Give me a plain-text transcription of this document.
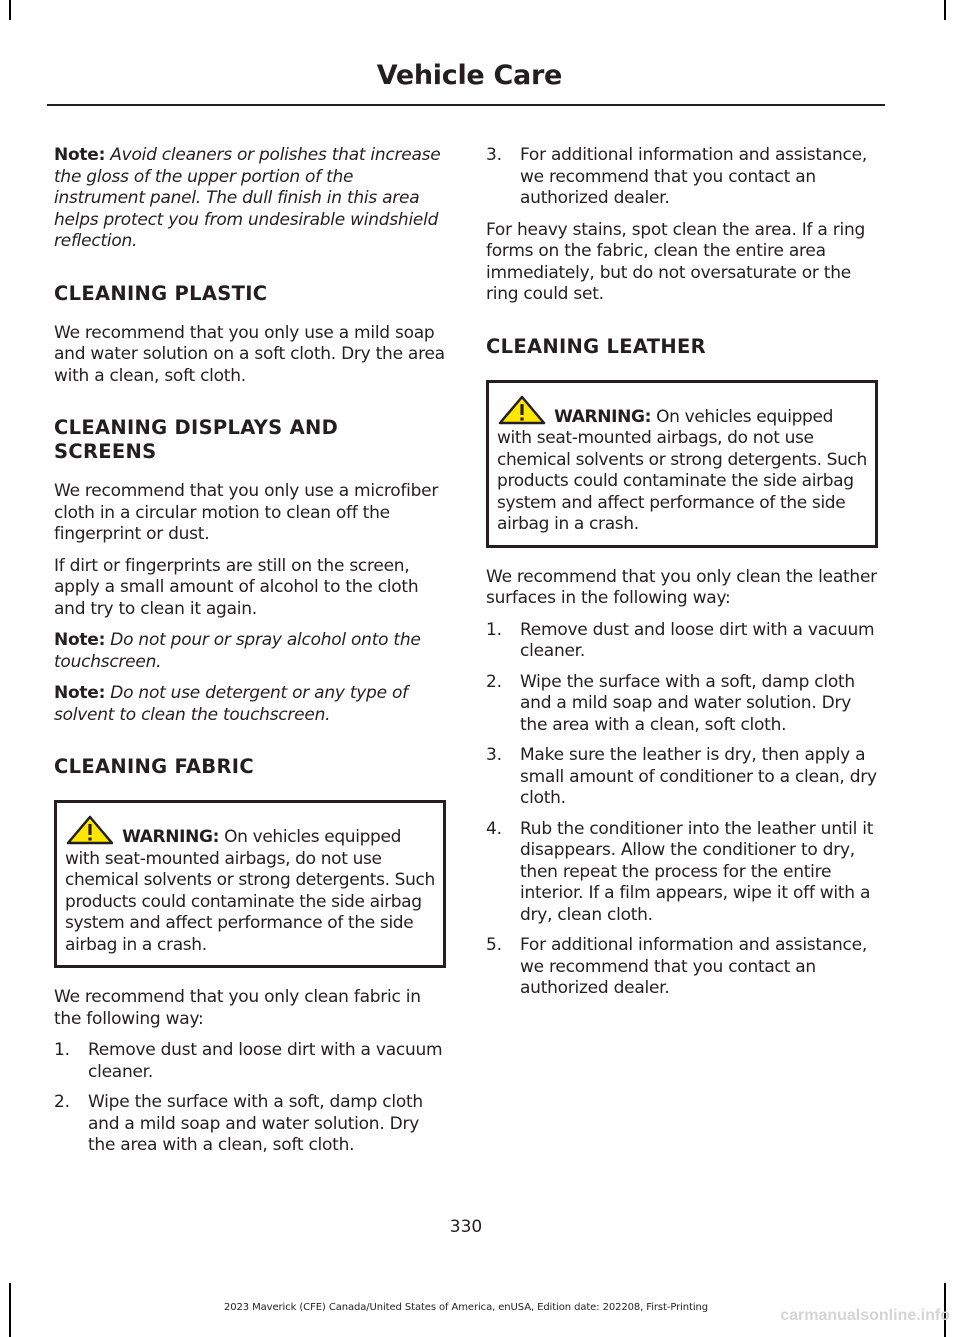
Vehicle Care

Note: Avoid cleaners or polishes that increase the gloss of the upper portion of the instrument panel. The dull finish in this area helps protect you from undesirable windshield reflection.

CLEANING PLASTIC

We recommend that you only use a mild soap and water solution on a soft cloth. Dry the area with a clean, soft cloth.

CLEANING DISPLAYS AND SCREENS

We recommend that you only use a microfiber cloth in a circular motion to clean off the fingerprint or dust.

If dirt or fingerprints are still on the screen, apply a small amount of alcohol to the cloth and try to clean it again.

Note: Do not pour or spray alcohol onto the touchscreen.

Note: Do not use detergent or any type of solvent to clean the touchscreen.

CLEANING FABRIC
WARNING: On vehicles equipped with seat-mounted airbags, do not use chemical solvents or strong detergents. Such products could contaminate the side airbag system and affect performance of the side airbag in a crash.

We recommend that you only clean fabric in the following way:

1. Remove dust and loose dirt with a vacuum cleaner.
2. Wipe the surface with a soft, damp cloth and a mild soap and water solution. Dry the area with a clean, soft cloth.
3. For additional information and assistance, we recommend that you contact an authorized dealer.

For heavy stains, spot clean the area. If a ring forms on the fabric, clean the entire area immediately, but do not oversaturate or the ring could set.

CLEANING LEATHER
WARNING: On vehicles equipped with seat-mounted airbags, do not use chemical solvents or strong detergents. Such products could contaminate the side airbag system and affect performance of the side airbag in a crash.

We recommend that you only clean the leather surfaces in the following way:

1. Remove dust and loose dirt with a vacuum cleaner.
2. Wipe the surface with a soft, damp cloth and a mild soap and water solution. Dry the area with a clean, soft cloth.
3. Make sure the leather is dry, then apply a small amount of conditioner to a clean, dry cloth.
4. Rub the conditioner into the leather until it disappears. Allow the conditioner to dry, then repeat the process for the entire interior. If a film appears, wipe it off with a dry, clean cloth.
5. For additional information and assistance, we recommend that you contact an authorized dealer.
330
2023 Maverick (CFE) Canada/United States of America, enUSA, Edition date: 202208, First-Printing	carmanualsonline.info
